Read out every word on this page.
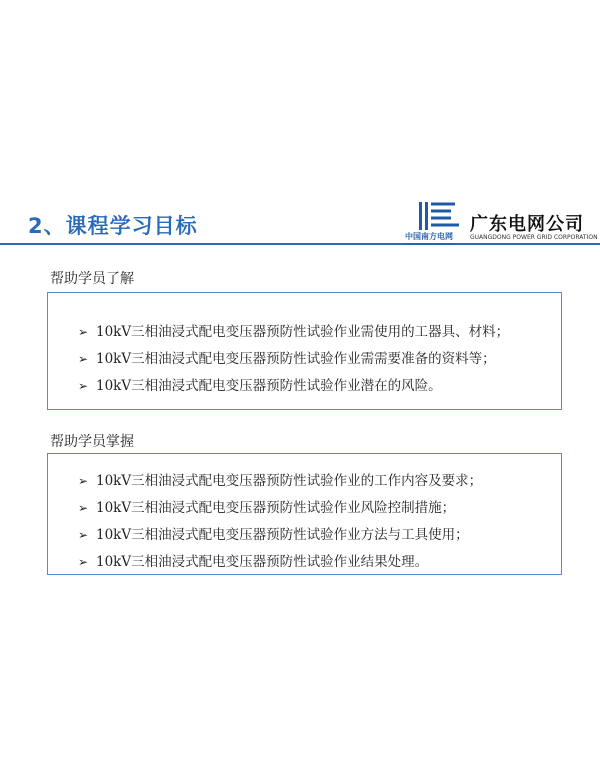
2、课程学习目标	中国南方电网
CHINA SOUTHERN POWER GRID
广东电网公司
GUANGDONG POWER GRID CORPORATION
帮助学员了解
➢ 10kV三相油浸式配电变压器预防性试验作业需使用的工器具、材料；
➢ 10kV三相油浸式配电变压器预防性试验作业需需要准备的资料等；
➢ 10kV三相油浸式配电变压器预防性试验作业潜在的风险。
帮助学员掌握
➢ 10kV三相油浸式配电变压器预防性试验作业的工作内容及要求；
➢ 10kV三相油浸式配电变压器预防性试验作业风险控制措施；
➢ 10kV三相油浸式配电变压器预防性试验作业方法与工具使用；
➢ 10kV三相油浸式配电变压器预防性试验作业结果处理。
